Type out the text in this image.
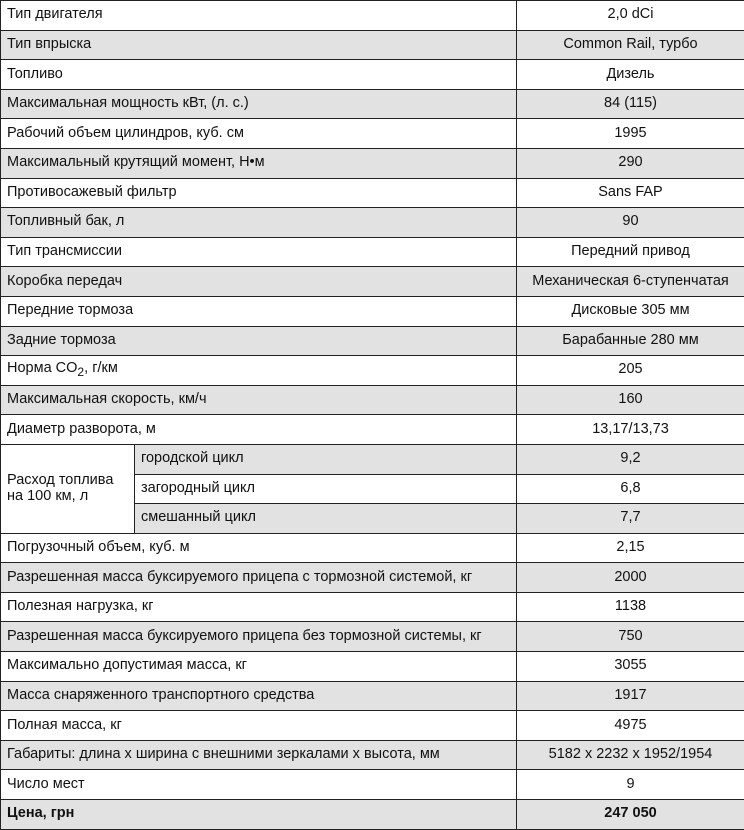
Тип двигателя		2,0 dCi
Тип впрыска		Common Rail, турбо
Топливо		Дизель
Максимальная мощность кВт, (л. с.)		84 (115)
Рабочий объем цилиндров, куб. см		1995
Максимальный крутящий момент, Н•м		290
Противосажевый фильтр		Sans FAP
Топливный бак, л		90
Тип трансмиссии		Передний привод
Коробка передач		Механическая 6-ступенчатая
Передние тормоза		Дисковые 305 мм
Задние тормоза		Барабанные 280 мм
Норма $CO_2$, г/км		205
Максимальная скорость, км/ч		160
Диаметр разворота, м		13,17/13,73
Расход топлива на 100 км, л	городской цикл	9,2
	загородный цикл	6,8
	смешанный цикл	7,7
Погрузочный объем, куб. м		2,15
Разрешенная масса буксируемого прицепа с тормозной системой, кг		2000
Полезная нагрузка, кг		1138
Разрешенная масса буксируемого прицепа без тормозной системы, кг		750
Максимально допустимая масса, кг		3055
Масса снаряженного транспортного средства		1917
Полная масса, кг		4975
Габариты: длина х ширина с внешними зеркалами х высота, мм		5182 х 2232 х 1952/1954
Число мест		9
Цена, грн		247 050
